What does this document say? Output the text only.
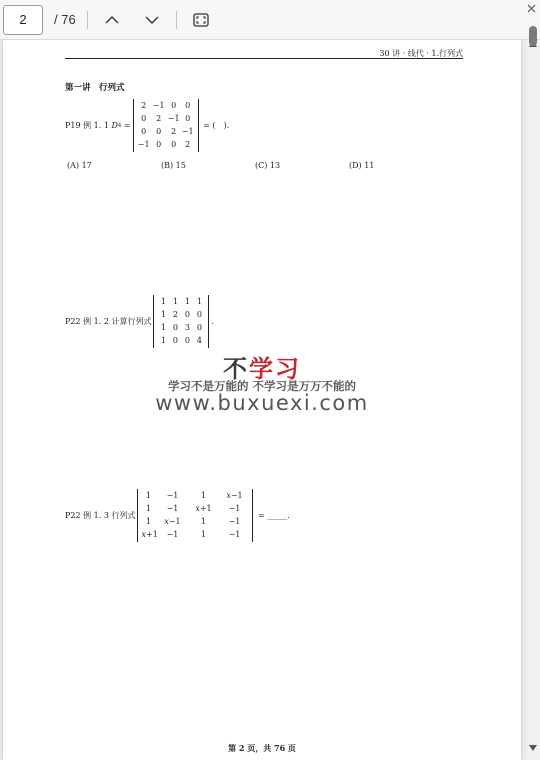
2	/ 76
30 讲 · 线代 · 1.行列式
第一讲　行列式
P19 例 1. 1 D 4 =
2 −1 0	0
0	2 −1 0
0	0	2 −1
−1 0	0	2
= (　).
(A) 17	(B) 15	(C) 13	(D) 11
P22 例 1. 2 计算行列式
1 1 1 1
1 2 0 0
1 0 3 0
1 0 0 4
.
不学习
学习不是万能的 不学习是万万不能的
www.buxuexi.com
P22 例 1. 3 行列式
1	−1	1	x−1
1	−1	x+1	−1
1	x−1	1	−1
x+1	−1	1	−1
= _____.
第 2 页，共 76 页
